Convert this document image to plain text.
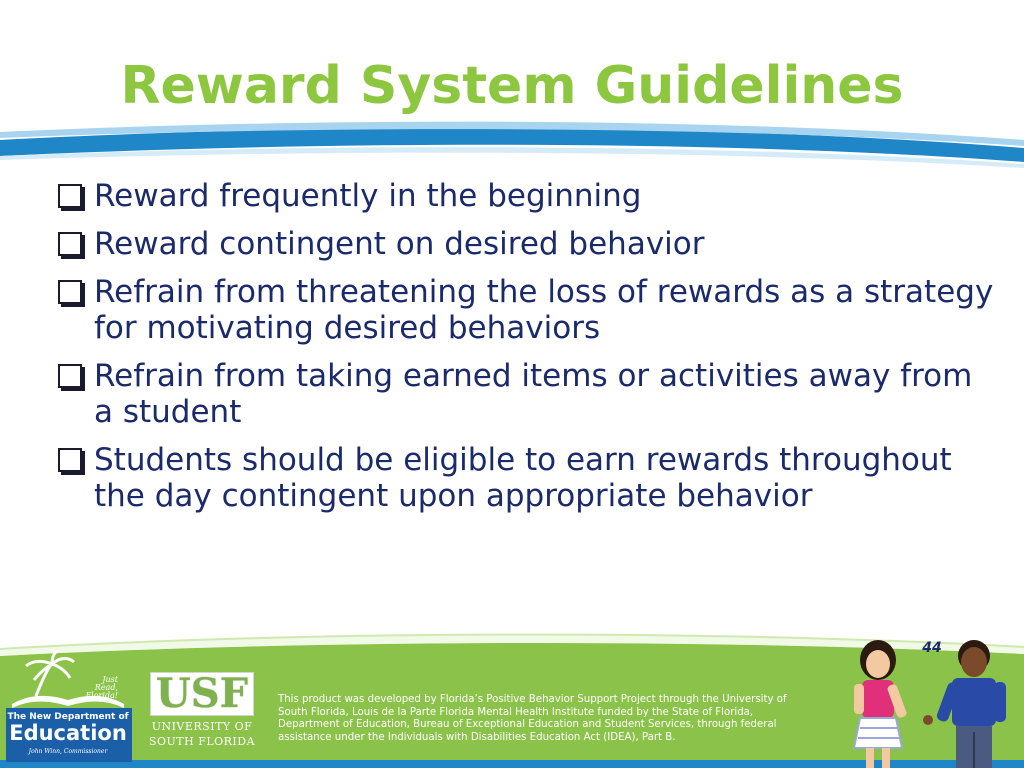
Reward System Guidelines
Reward frequently in the beginning
Reward contingent on desired behavior
Refrain from threatening the loss of rewards as a strategy for motivating desired behaviors
Refrain from taking earned items or activities away from a student
Students should be eligible to earn rewards throughout the day contingent upon appropriate behavior
Just
Read,
Florida!
The New Department of
Education
John Winn, Commissioner
USF
UNIVERSITY OF
SOUTH FLORIDA
This product was developed by Florida’s Positive Behavior Support Project through the University of
South Florida, Louis de la Parte Florida Mental Health Institute funded by the State of Florida,
Department of Education, Bureau of Exceptional Education and Student Services, through federal
assistance under the Individuals with Disabilities Education Act (IDEA), Part B.
44
